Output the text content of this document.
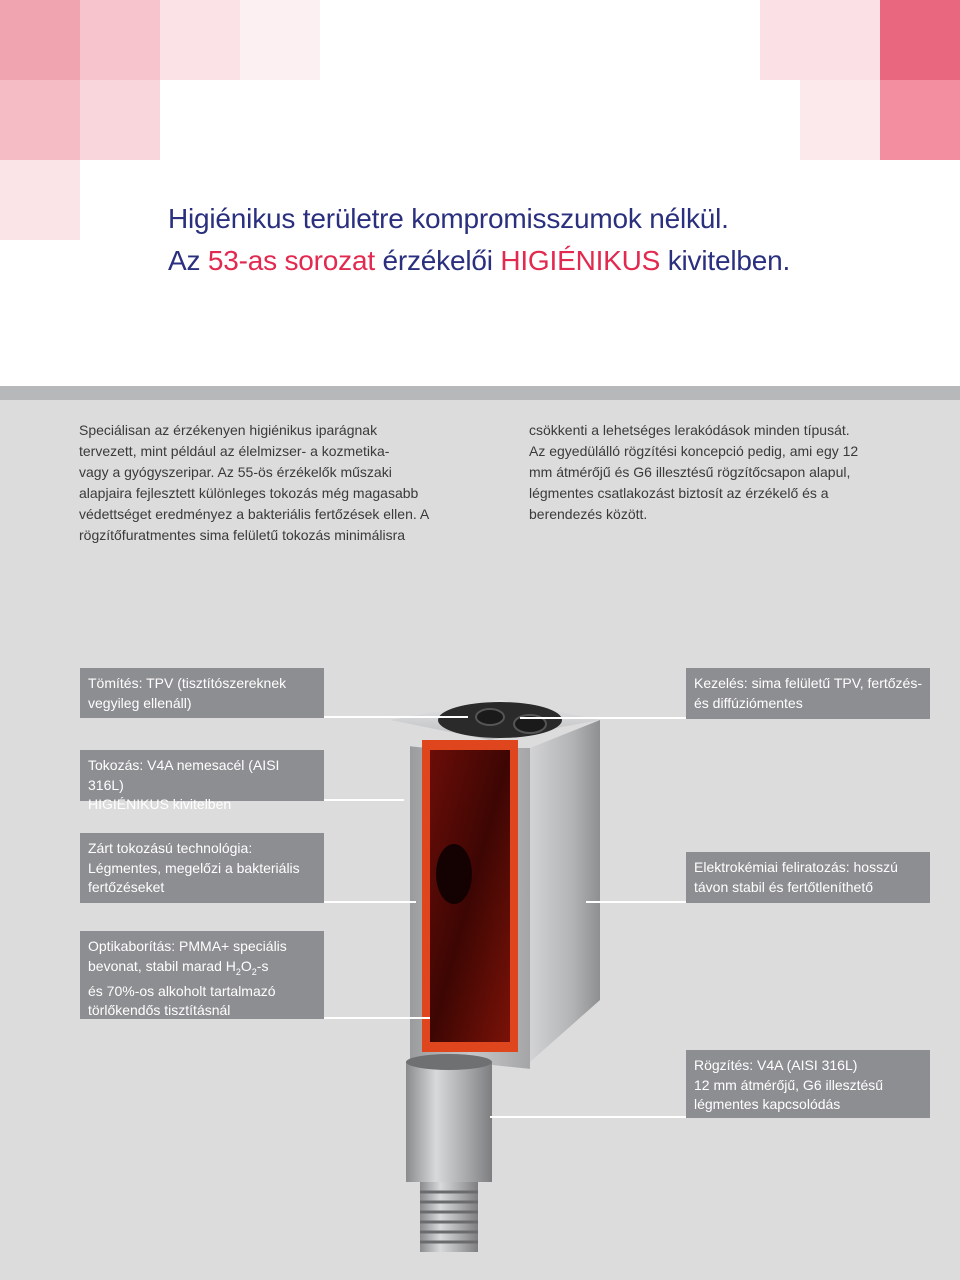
Higiénikus területre kompromisszumok nélkül.
Az 53-as sorozat érzékelői HIGIÉNIKUS kivitelben.

Speciálisan az érzékenyen higiénikus iparágnak
tervezett, mint például az élelmizser- a kozmetika-
vagy a gyógyszeripar. Az 55-ös érzékelők műszaki
alapjaira fejlesztett különleges tokozás még magasabb
védettséget eredményez a bakteriális fertőzések ellen. A
rögzítőfuratmentes sima felületű tokozás minimálisra

csökkenti a lehetséges lerakódások minden típusát.
Az egyedülálló rögzítési koncepció pedig, ami egy 12
mm átmérőjű és G6 illesztésű rögzítőcsapon alapul,
légmentes csatlakozást biztosít az érzékelő és a
berendezés között.

Tömítés: TPV (tisztítószereknek
vegyileg ellenáll)
Tokozás: V4A nemesacél (AISI 316L)
HIGIÉNIKUS kivitelben
Zárt tokozású technológia:
Légmentes, megelőzi a bakteriális
fertőzéseket
Optikaborítás: PMMA+ speciális
bevonat, stabil marad $H_2O_2-s$
és 70%-os alkoholt tartalmazó
törlőkendős tisztításnál
Kezelés: sima felületű TPV, fertőzés-
és diffúziómentes
Elektrokémiai feliratozás: hosszú
távon stabil és fertőtleníthető
Rögzítés: V4A (AISI 316L)
12 mm átmérőjű, G6 illesztésű
légmentes kapcsolódás
